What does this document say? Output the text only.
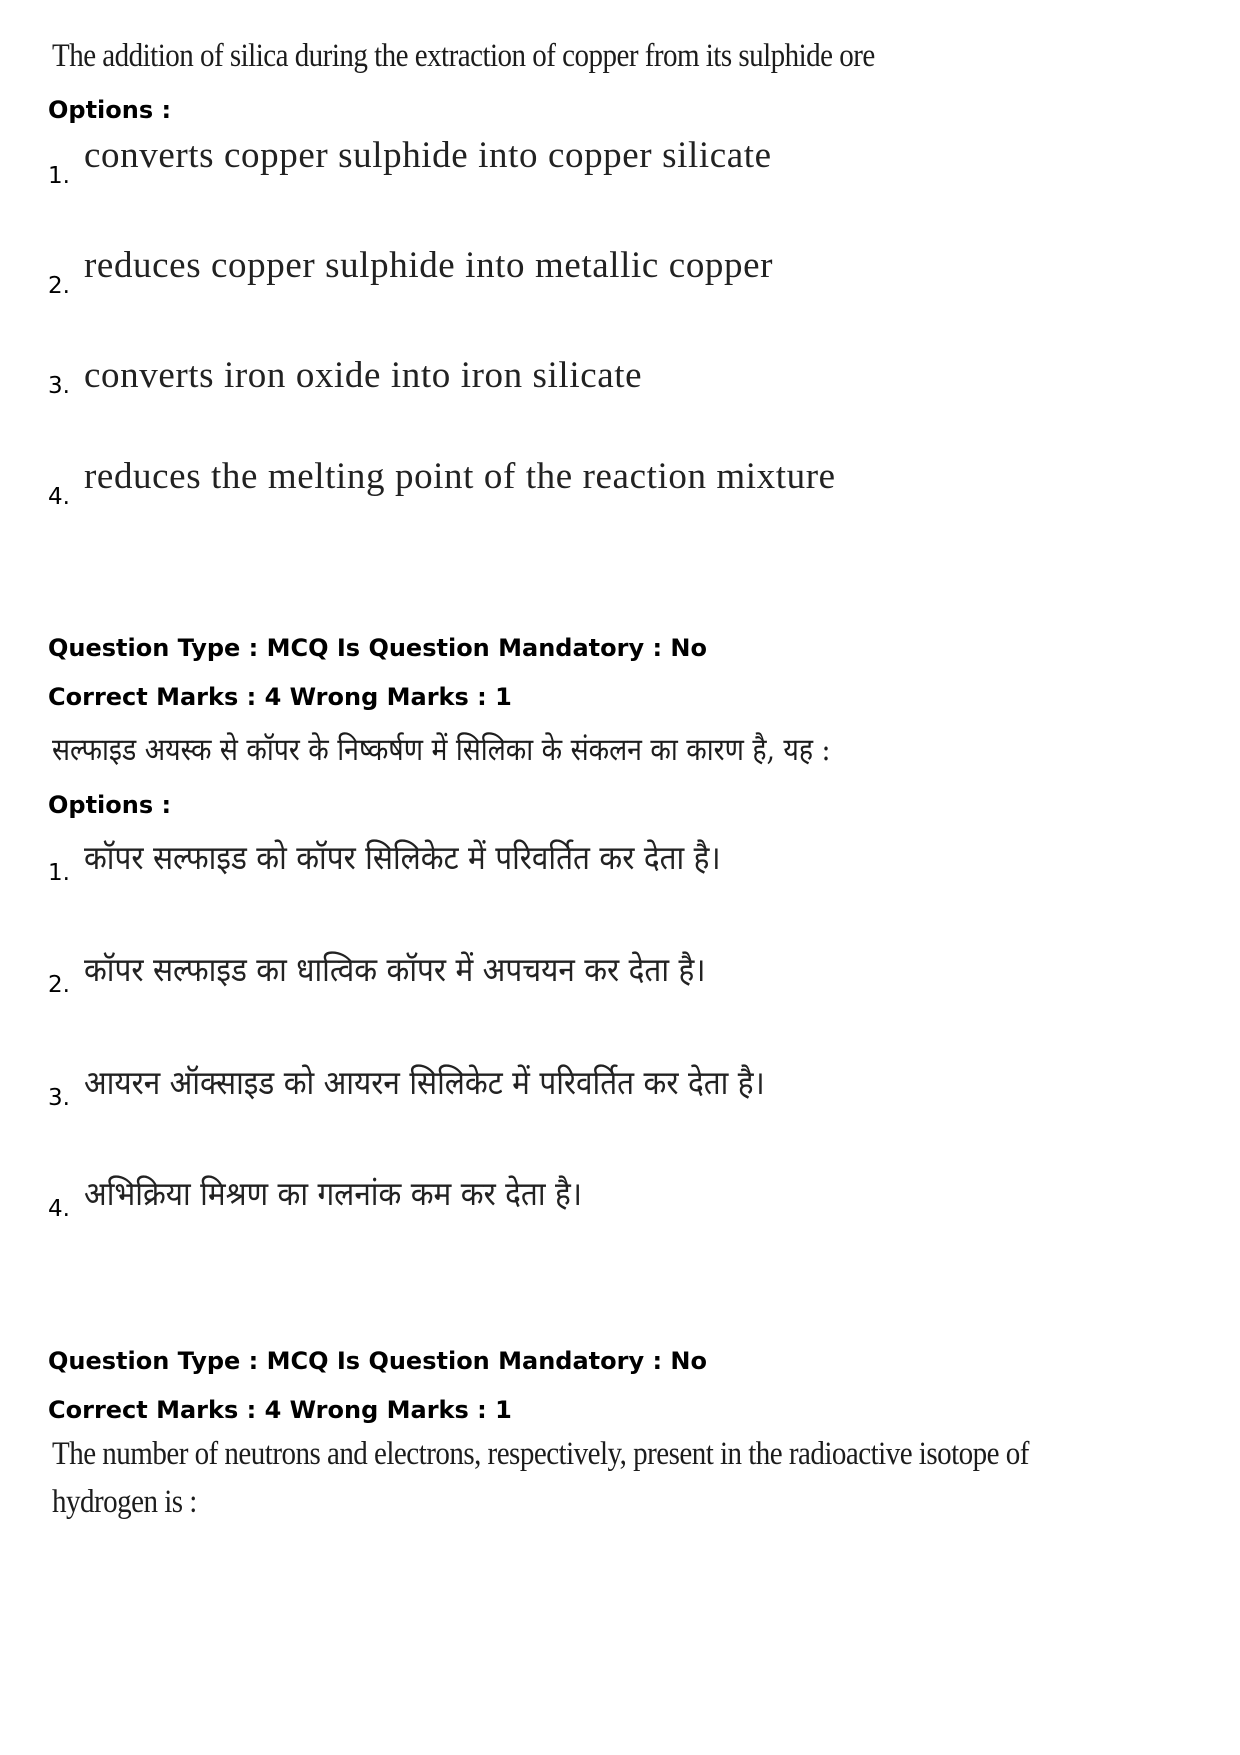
The addition of silica during the extraction of copper from its sulphide ore
Options :
1. converts copper sulphide into copper silicate
2. reduces copper sulphide into metallic copper
3. converts iron oxide into iron silicate
4. reduces the melting point of the reaction mixture
Question Type : MCQ Is Question Mandatory : No
Correct Marks : 4 Wrong Marks : 1
सल्फाइड अयस्क से कॉपर के निष्कर्षण में सिलिका के संकलन का कारण है, यह :
Options :
1. कॉपर सल्फाइड को कॉपर सिलिकेट में परिवर्तित कर देता है।
2. कॉपर सल्फाइड का धात्विक कॉपर में अपचयन कर देता है।
3. आयरन ऑक्साइड को आयरन सिलिकेट में परिवर्तित कर देता है।
4. अभिक्रिया मिश्रण का गलनांक कम कर देता है।
Question Type : MCQ Is Question Mandatory : No
Correct Marks : 4 Wrong Marks : 1
The number of neutrons and electrons, respectively, present in the radioactive isotope of
hydrogen is :
